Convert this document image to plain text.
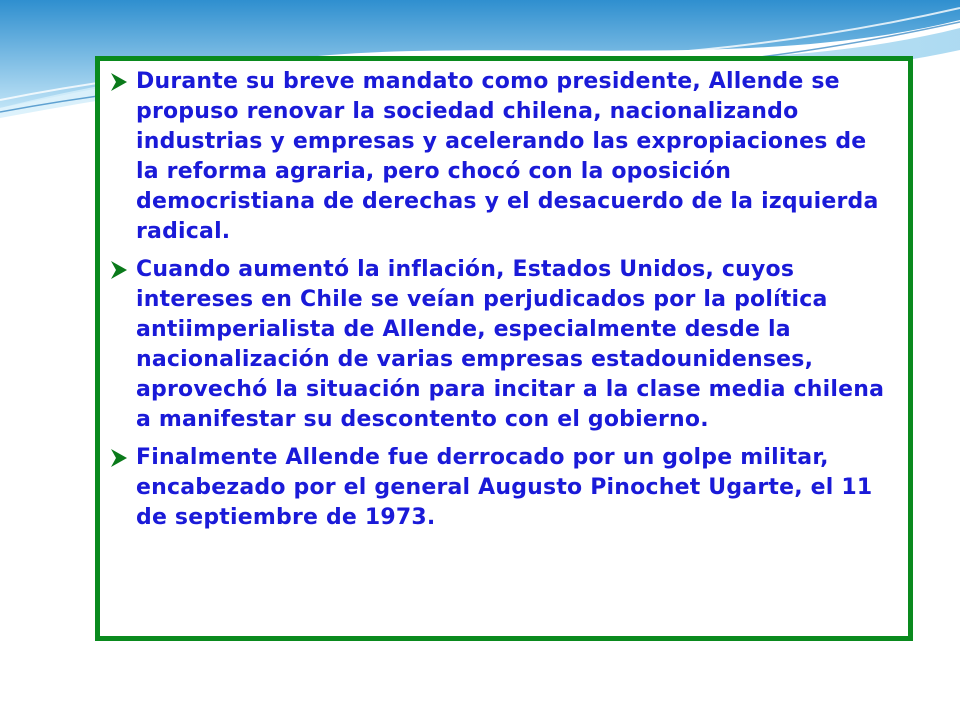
Durante su breve mandato como presidente, Allende se propuso renovar la sociedad chilena, nacionalizando industrias y empresas y acelerando las expropiaciones de la reforma agraria, pero chocó con la oposición democristiana de derechas y el desacuerdo de la izquierda radical.
Cuando aumentó la inflación, Estados Unidos, cuyos intereses en Chile se veían perjudicados por la política antiimperialista de Allende, especialmente desde la nacionalización de varias empresas estadounidenses, aprovechó la situación para incitar a la clase media chilena a manifestar su descontento con el gobierno.
Finalmente Allende fue derrocado por un golpe militar, encabezado por el general Augusto Pinochet Ugarte, el 11 de septiembre de 1973.
